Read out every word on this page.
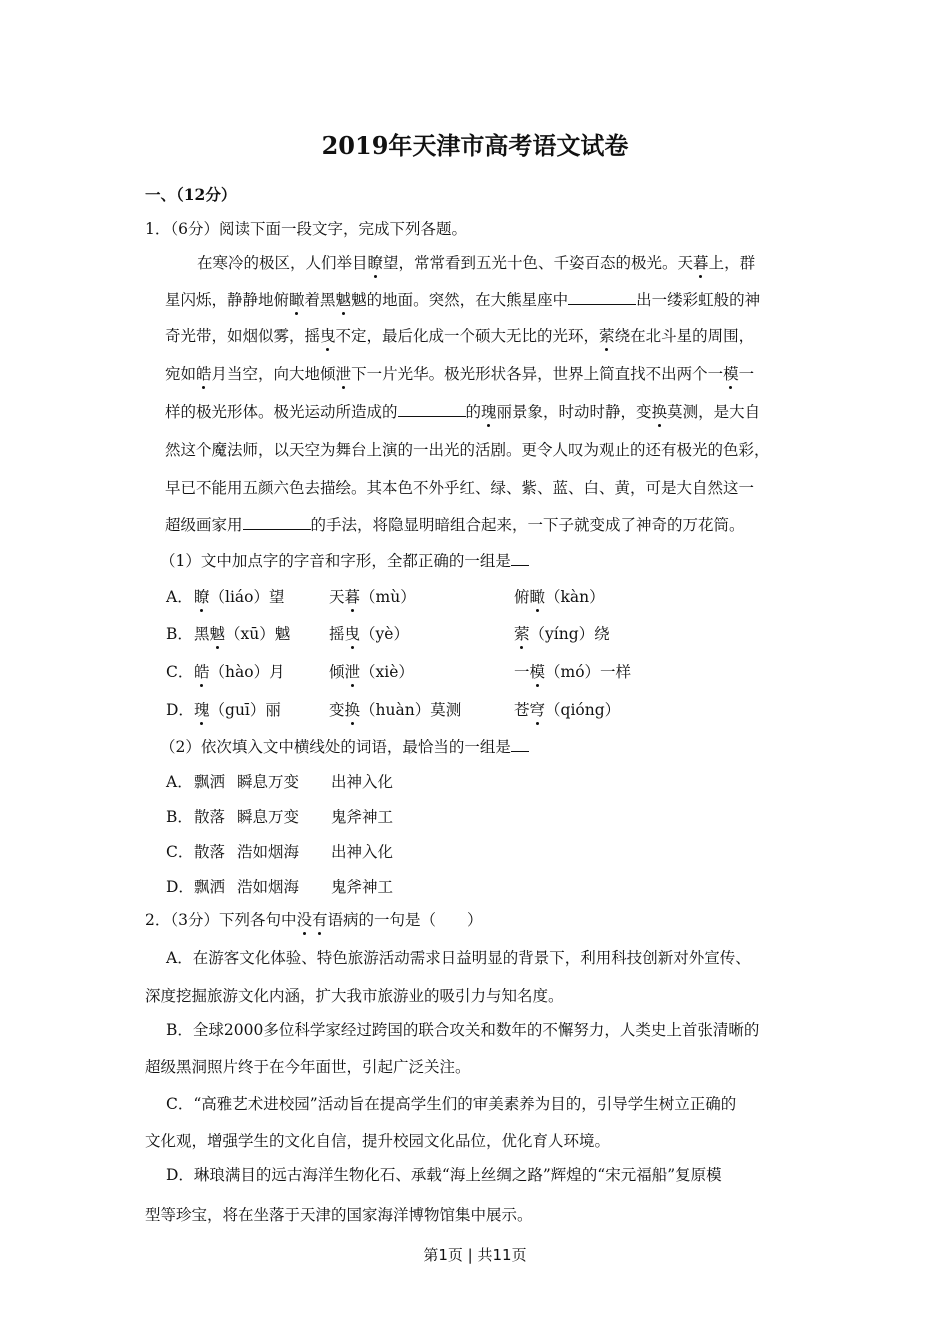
2019年天津市高考语文试卷
一、（12分）
1．（6分）阅读下面一段文字，完成下列各题。
在寒冷的极区，人们举目瞭望，常常看到五光十色、千姿百态的极光。天暮上，群
星闪烁，静静地俯瞰着黑魆魆的地面。突然，在大熊星座中	出一缕彩虹般的神
奇光带，如烟似雾，摇曳不定，最后化成一个硕大无比的光环，萦绕在北斗星的周围，
宛如皓月当空，向大地倾泄下一片光华。极光形状各异，世界上简直找不出两个一模一
样的极光形体。极光运动所造成的	的瑰丽景象，时动时静，变换莫测，是大自
然这个魔法师，以天空为舞台上演的一出光的活剧。更令人叹为观止的还有极光的色彩，
早已不能用五颜六色去描绘。其本色不外乎红、绿、紫、蓝、白、黄，可是大自然这一
超级画家用	的手法，将隐显明暗组合起来，一下子就变成了神奇的万花筒。
（1）文中加点字的字音和字形，全都正确的一组是
A． 瞭（liáo）望	天暮（mù）	俯瞰（kàn）
B． 黑魆（xū）魆 摇曳（yè）	萦（yíng）绕
C． 皓（hào）月	倾泄（xiè）	一模（mó）一样
D． 瑰（guī）丽	变换（huàn）莫测	苍穹（qióng）
（2）依次填入文中横线处的词语，最恰当的一组是
A． 飘洒 瞬息万变 出神入化
B． 散落 瞬息万变 鬼斧神工
C． 散落 浩如烟海 出神入化
D． 飘洒 浩如烟海 鬼斧神工
2．（3分）下列各句中没有语病的一句是（　　）
A．在游客文化体验、特色旅游活动需求日益明显的背景下，利用科技创新对外宣传、
深度挖掘旅游文化内涵，扩大我市旅游业的吸引力与知名度。
B．全球2000多位科学家经过跨国的联合攻关和数年的不懈努力，人类史上首张清晰的
超级黑洞照片终于在今年面世，引起广泛关注。
C．“高雅艺术进校园”活动旨在提高学生们的审美素养为目的，引导学生树立正确的
文化观，增强学生的文化自信，提升校园文化品位，优化育人环境。
D．琳琅满目的远古海洋生物化石、承载“海上丝绸之路”辉煌的“宋元福船”复原模
型等珍宝，将在坐落于天津的国家海洋博物馆集中展示。
第1页 | 共11页
